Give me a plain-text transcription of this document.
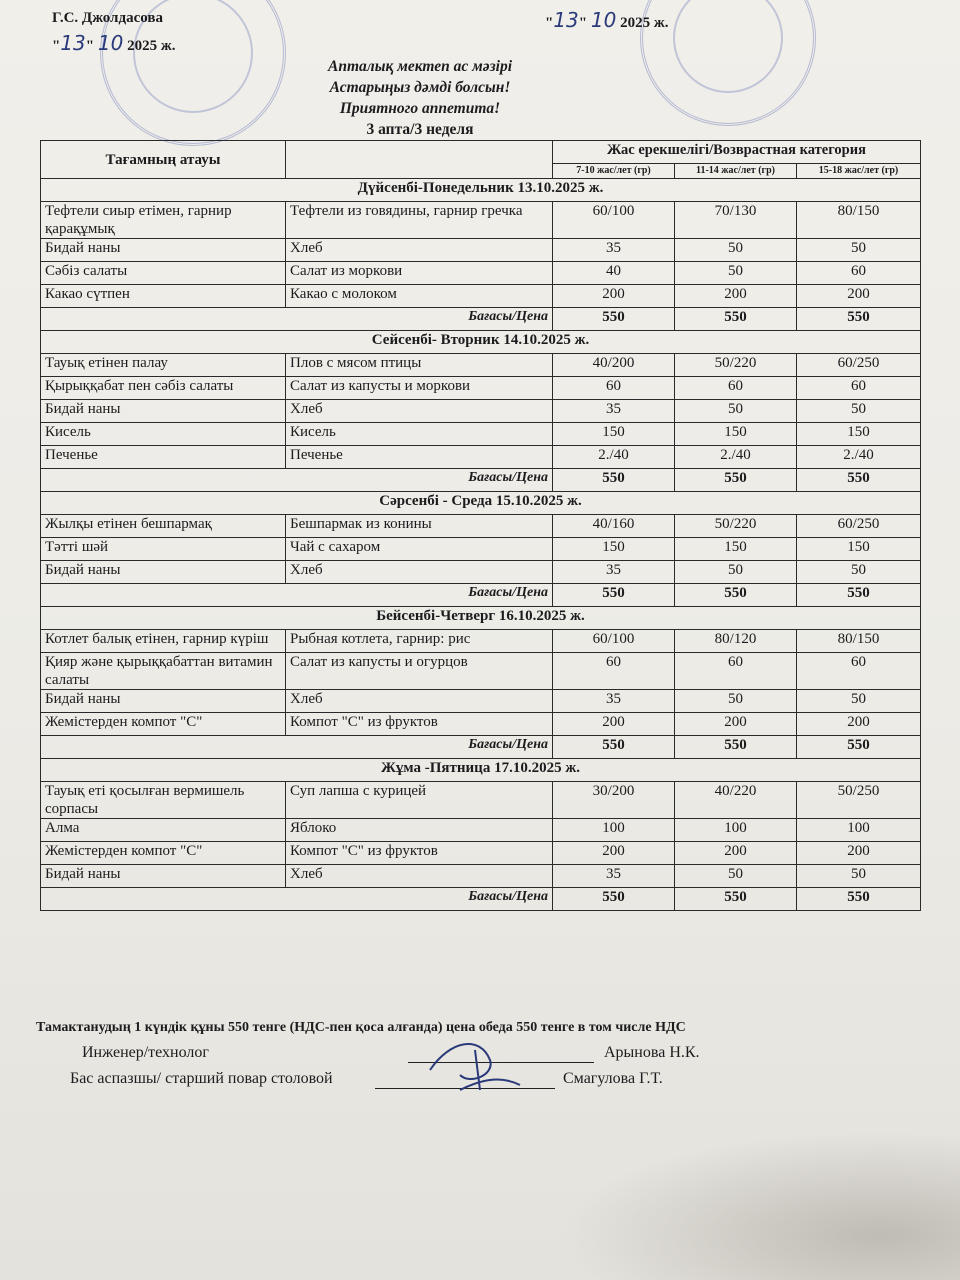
Г.С. Джолдасова
"13" 10 2025 ж.
"13" 10 2025 ж.
Апталық мектеп ас мәзірі
Астарыңыз дәмді болсын!
Приятного аппетита!
3 апта/3 неделя
Тағамның атауы		Жас ерекшелігі/Возврастная категория		
		7-10 жас/лет (гр)	11-14 жас/лет (гр)	15-18 жас/лет (гр)
Дүйсенбі-Понедельник 13.10.2025 ж.				
Тефтели сиыр етімен, гарнир қарақұмық	Тефтели из говядины, гарнир гречка	60/100	70/130	80/150
Бидай наны	Хлеб	35	50	50
Сәбіз салаты	Салат из моркови	40	50	60
Какао сүтпен	Какао с молоком	200	200	200
Бағасы/Цена		550	550	550
Сейсенбі- Вторник 14.10.2025 ж.				
Тауық етінен палау	Плов с мясом птицы	40/200	50/220	60/250
Қырыққабат пен сәбіз салаты	Салат из капусты и моркови	60	60	60
Бидай наны	Хлеб	35	50	50
Кисель	Кисель	150	150	150
Печенье	Печенье	2./40	2./40	2./40
Бағасы/Цена		550	550	550
Сәрсенбі - Среда 15.10.2025 ж.				
Жылқы етінен бешпармақ	Бешпармак из конины	40/160	50/220	60/250
Тәтті шәй	Чай с сахаром	150	150	150
Бидай наны	Хлеб	35	50	50
Бағасы/Цена		550	550	550
Бейсенбі-Четверг 16.10.2025 ж.				
Котлет балық етінен, гарнир күріш	Рыбная котлета, гарнир: рис	60/100	80/120	80/150
Қияр және қырыққабаттан витамин салаты	Салат из капусты и огурцов	60	60	60
Бидай наны	Хлеб	35	50	50
Жемістерден компот "С"	Компот "С" из фруктов	200	200	200
Бағасы/Цена		550	550	550
Жұма -Пятница 17.10.2025 ж.				
Тауық еті қосылған вермишель сорпасы	Суп лапша с курицей	30/200	40/220	50/250
Алма	Яблоко	100	100	100
Жемістерден компот "С"	Компот "С" из фруктов	200	200	200
Бидай наны	Хлеб	35	50	50
Бағасы/Цена		550	550	550
Тамактанудың 1 күндік құны 550 тенге (НДС-пен қоса алғанда) цена обеда 550 тенге в том числе НДС
Инженер/технолог	Арынова Н.К.
Бас аспазшы/ старший повар столовой	Смагулова Г.Т.
